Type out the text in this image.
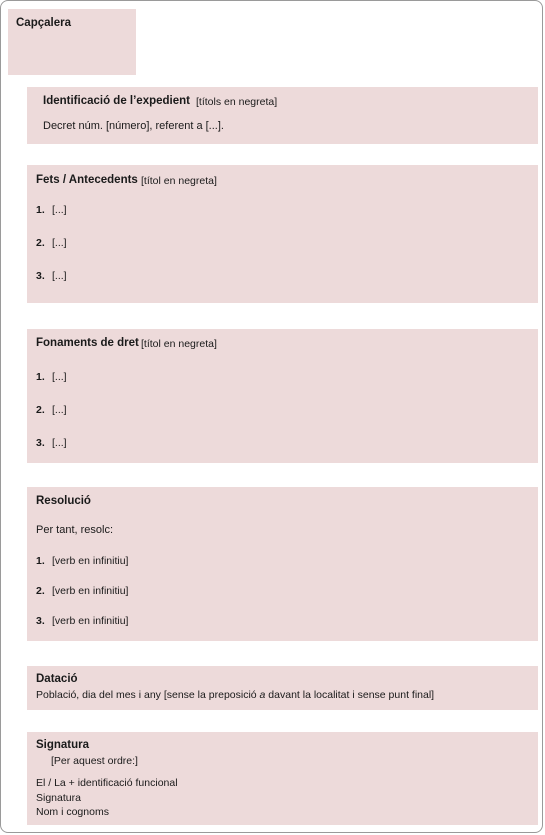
Capçalera
Identificació de l’expedient [títols en negreta]
Decret núm. [número], referent a [...].
Fets / Antecedents [títol en negreta]
1. [...]
2. [...]
3. [...]
Fonaments de dret [títol en negreta]
1. [...]
2. [...]
3. [...]
Resolució
Per tant, resolc:
1. [verb en infinitiu]
2. [verb en infinitiu]
3. [verb en infinitiu]
Datació
Població, dia del mes i any [sense la preposició a davant la localitat i sense punt final]
Signatura
[Per aquest ordre:]
El / La + identificació funcional
Signatura
Nom i cognoms
